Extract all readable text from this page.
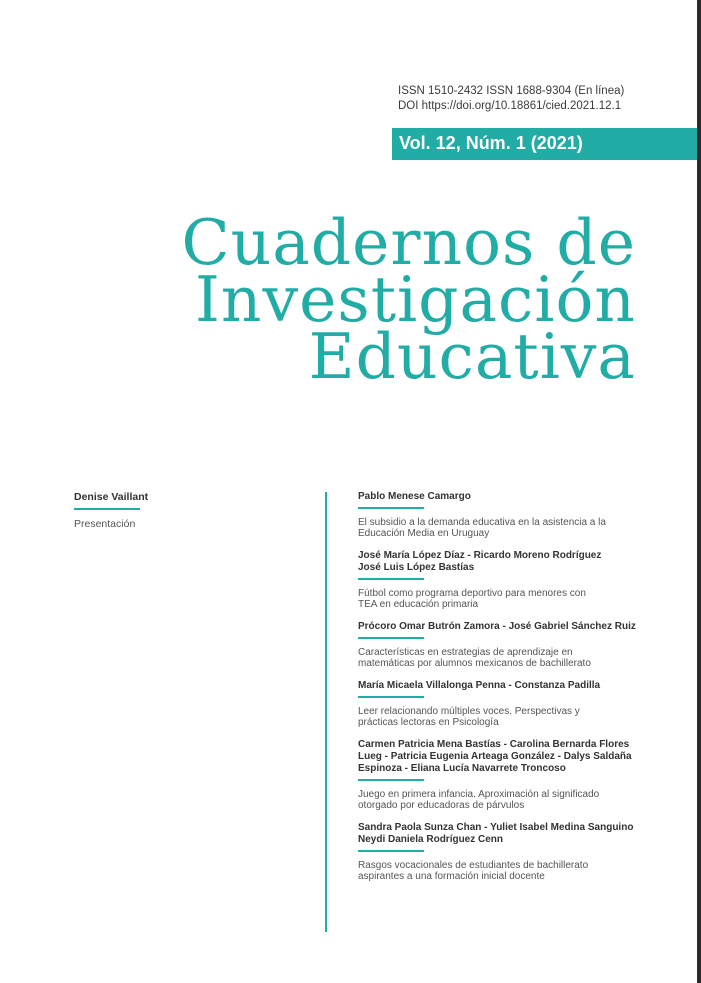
ISSN 1510-2432 ISSN 1688-9304 (En línea)
DOI https://doi.org/10.18861/cied.2021.12.1
Vol. 12, Núm. 1 (2021)
Cuadernos de
Investigación
Educativa
Denise Vaillant
Presentación
Pablo Menese Camargo
El subsidio a la demanda educativa en la asistencia a la
Educación Media en Uruguay
José María López Díaz - Ricardo Moreno Rodríguez
José Luis López Bastías
Fútbol como programa deportivo para menores con
TEA en educación primaria
Prócoro Omar Butrón Zamora - José Gabriel Sánchez Ruiz
Características en estrategias de aprendizaje en
matemáticas por alumnos mexicanos de bachillerato
María Micaela Villalonga Penna - Constanza Padilla
Leer relacionando múltiples voces. Perspectivas y
prácticas lectoras en Psicología
Carmen Patricia Mena Bastías - Carolina Bernarda Flores
Lueg - Patricia Eugenia Arteaga González - Dalys Saldaña
Espinoza - Eliana Lucía Navarrete Troncoso
Juego en primera infancia. Aproximación al significado
otorgado por educadoras de párvulos
Sandra Paola Sunza Chan - Yuliet Isabel Medina Sanguino
Neydi Daniela Rodríguez Cenn
Rasgos vocacionales de estudiantes de bachillerato
aspirantes a una formación inicial docente
